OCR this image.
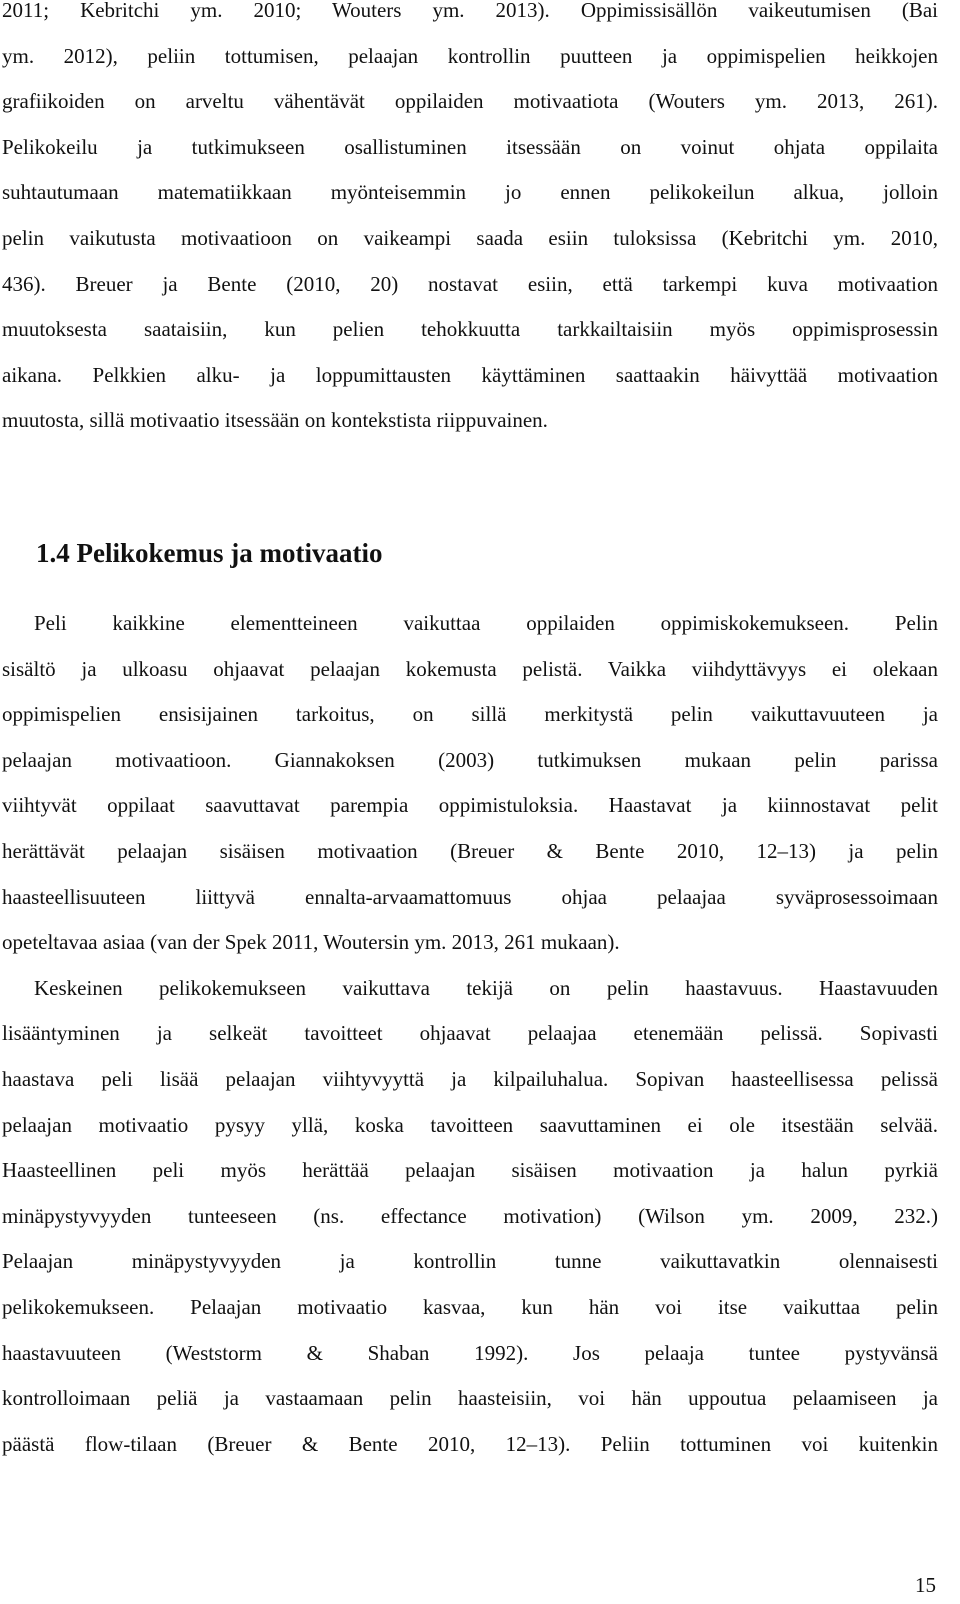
2011; Kebritchi ym. 2010; Wouters ym. 2013). Oppimissisällön vaikeutumisen (Bai
ym. 2012), peliin tottumisen, pelaajan kontrollin puutteen ja oppimispelien heikkojen
grafiikoiden on arveltu vähentävät oppilaiden motivaatiota (Wouters ym. 2013, 261).
Pelikokeilu ja tutkimukseen osallistuminen itsessään on voinut ohjata oppilaita
suhtautumaan matematiikkaan myönteisemmin jo ennen pelikokeilun alkua, jolloin
pelin vaikutusta motivaatioon on vaikeampi saada esiin tuloksissa (Kebritchi ym. 2010,
436). Breuer ja Bente (2010, 20) nostavat esiin, että tarkempi kuva motivaation
muutoksesta saataisiin, kun pelien tehokkuutta tarkkailtaisiin myös oppimisprosessin
aikana. Pelkkien alku- ja loppumittausten käyttäminen saattaakin häivyttää motivaation
muutosta, sillä motivaatio itsessään on kontekstista riippuvainen.

1.4 Pelikokemus ja motivaatio
Peli kaikkine elementteineen vaikuttaa oppilaiden oppimiskokemukseen. Pelin
sisältö ja ulkoasu ohjaavat pelaajan kokemusta pelistä. Vaikka viihdyttävyys ei olekaan
oppimispelien ensisijainen tarkoitus, on sillä merkitystä pelin vaikuttavuuteen ja
pelaajan motivaatioon. Giannakoksen (2003) tutkimuksen mukaan pelin parissa
viihtyvät oppilaat saavuttavat parempia oppimistuloksia. Haastavat ja kiinnostavat pelit
herättävät pelaajan sisäisen motivaation (Breuer & Bente 2010, 12–13) ja pelin
haasteellisuuteen liittyvä ennalta-arvaamattomuus ohjaa pelaajaa syväprosessoimaan
opeteltavaa asiaa (van der Spek 2011, Woutersin ym. 2013, 261 mukaan).
Keskeinen pelikokemukseen vaikuttava tekijä on pelin haastavuus. Haastavuuden
lisääntyminen ja selkeät tavoitteet ohjaavat pelaajaa etenemään pelissä. Sopivasti
haastava peli lisää pelaajan viihtyvyyttä ja kilpailuhalua. Sopivan haasteellisessa pelissä
pelaajan motivaatio pysyy yllä, koska tavoitteen saavuttaminen ei ole itsestään selvää.
Haasteellinen peli myös herättää pelaajan sisäisen motivaation ja halun pyrkiä
minäpystyvyyden tunteeseen (ns. effectance motivation) (Wilson ym. 2009, 232.)
Pelaajan minäpystyvyyden ja kontrollin tunne vaikuttavatkin olennaisesti
pelikokemukseen. Pelaajan motivaatio kasvaa, kun hän voi itse vaikuttaa pelin
haastavuuteen (Weststorm & Shaban 1992). Jos pelaaja tuntee pystyvänsä
kontrolloimaan peliä ja vastaamaan pelin haasteisiin, voi hän uppoutua pelaamiseen ja
päästä flow-tilaan (Breuer & Bente 2010, 12–13). Peliin tottuminen voi kuitenkin
15
